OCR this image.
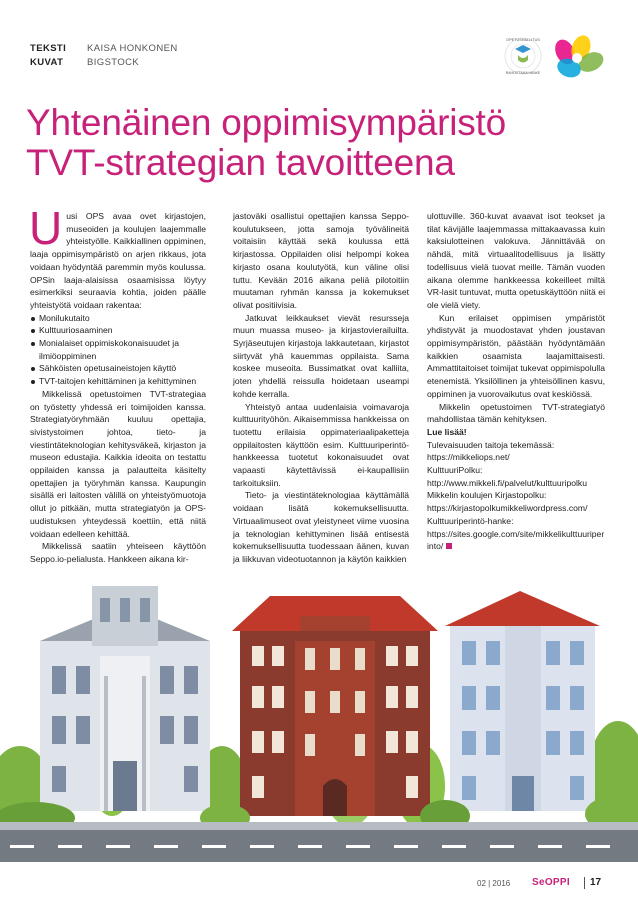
TEKSTI	KAISA HONKONEN
KUVAT	BIGSTOCK
OPETUSHALLITUS
RAHOITTAMA HANKE
Yhtenäinen oppimisympäristö
TVT-strategian tavoitteena
U usi OPS avaa ovet kirjastojen, museoiden ja koulujen laajemmalle yhteistyölle. Kaikkiallinen oppiminen, laaja oppimisympäristö on arjen rikkaus, jota voidaan hyödyntää paremmin myös koulussa. OPSin laaja-alaisissa osaamisissa löytyy esimerkiksi seuraavia kohtia, joiden päälle yhteistyötä voidaan rakentaa:

Monilukutaito
Kulttuuriosaaminen
Monialaiset oppimiskokonaisuudet ja ilmiöoppiminen
Sähköisten opetusaineistojen käyttö
TVT-taitojen kehittäminen ja kehittyminen

Mikkelissä opetustoimen TVT-strategiaa on työstetty yhdessä eri toimijoiden kanssa. Strategiatyöryhmään kuuluu opettajia, sivistystoimen johtoa, tieto- ja viestintäteknologian kehitysväkeä, kirjaston ja museon edustajia. Kaikkia ideoita on testattu oppilaiden kanssa ja palautteita käsitelty opettajien ja työryhmän kanssa. Kaupungin sisällä eri laitosten välillä on yhteistyömuotoja ollut jo pitkään, mutta strategiatyön ja OPS-uudistuksen yhteydessä koettiin, että niitä voidaan edelleen kehittää.

Mikkelissä saatiin yhteiseen käyttöön Seppo.io-pelialusta. Hankkeen aikana kir-

jastoväki osallistui opettajien kanssa Seppo-koulutukseen, jotta samoja työvälineitä voitaisiin käyttää sekä koulussa että kirjastossa. Oppilaiden olisi helpompi kokea kirjasto osana koulutyötä, kun väline olisi tuttu. Kevään 2016 aikana peliä pilotoitiin muutaman ryhmän kanssa ja kokemukset olivat positiivisia.

Jatkuvat leikkaukset vievät resursseja muun muassa museo- ja kirjastovierailuilta. Syrjäseutujen kirjastoja lakkautetaan, kirjastot siirtyvät yhä kauemmas oppilaista. Sama koskee museoita. Bussimatkat ovat kalliita, joten yhdellä reissulla hoidetaan useampi kohde kerralla.

Yhteistyö antaa uudenlaisia voimavaroja kulttuurityöhön. Aikaisemmissa hankkeissa on tuotettu erilaisia oppimateriaalipaketteja oppilaitosten käyttöön esim. Kulttuuriperintö-hankkeessa tuotetut kokonaisuudet ovat vapaasti käytettävissä ei-kaupallisiin tarkoituksiin.

Tieto- ja viestintäteknologiaa käyttämällä voidaan lisätä kokemuksellisuutta. Virtuaalimuseot ovat yleistyneet viime vuosina ja teknologian kehittyminen lisää entisestä kokemuksellisuutta tuodessaan äänen, kuvan ja liikkuvan videotuotannon ja käytön kaikkien

ulottuville. 360-kuvat avaavat isot teokset ja tilat kävijälle laajemmassa mittakaavassa kuin kaksiulotteinen valokuva. Jännittävää on nähdä, mitä virtuaalitodellisuus ja lisätty todellisuus vielä tuovat meille. Tämän vuoden aikana olemme hankkeessa kokeilleet miltä VR-lasit tuntuvat, mutta opetuskäyttöön niitä ei ole vielä viety.

Kun erilaiset oppimisen ympäristöt yhdistyvät ja muodostavat yhden joustavan oppimisympäristön, päästään hyödyntämään kaikkien osaamista laajamittaisesti. Ammattitaitoiset toimijat tukevat oppimispolulla etenemistä. Yksilöllinen ja yhteisöllinen kasvu, oppiminen ja vuorovaikutus ovat keskiössä.

Mikkelin opetustoimen TVT-strategiatyö mahdollistaa tämän kehityksen.

Lue lisää!

Tulevaisuuden taitoja tekemässä:

https://mikkeliops.net/

KulttuuriPolku:

http://www.mikkeli.fi/palvelut/kulttuuripolku

Mikkelin koulujen Kirjastopolku:

https://kirjastopolkumikkeliwordpress.com/

Kulttuuriperintö-hanke:

https://sites.google.com/site/mikkelikulttuuriperinto/

02 | 2016 SeOPPI 17
